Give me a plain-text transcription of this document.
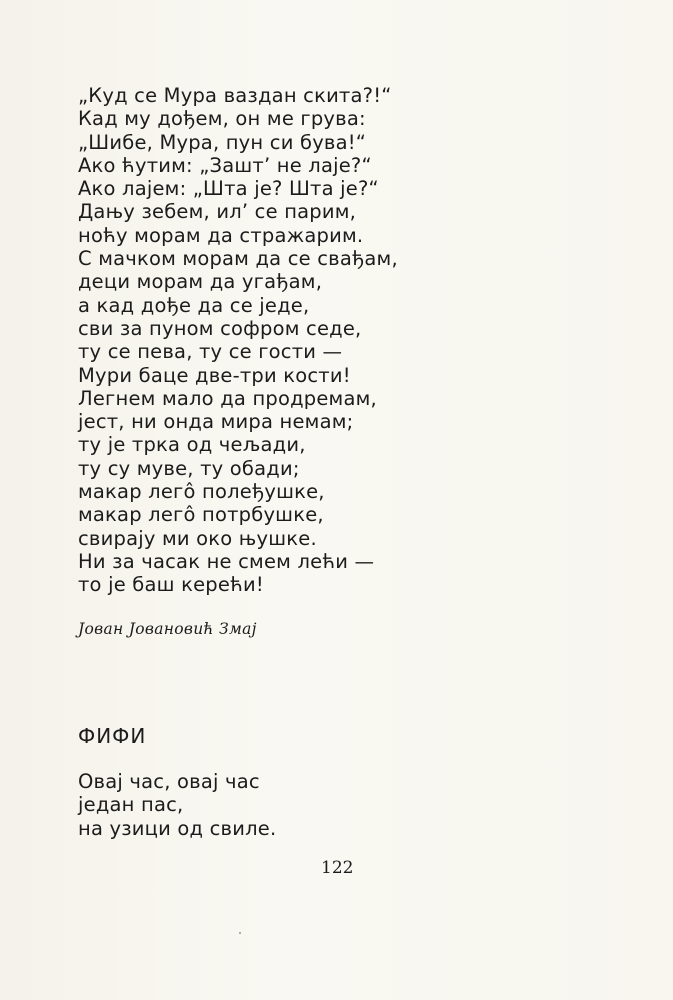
„Куд се Мура ваздан скита?!“
Кад му дођем, он ме грува:
„Шибе, Мура, пун си бува!“
Ако ћутим: „Зашт’ не лаје?“
Ако лајем: „Шта је? Шта је?“
Дању зебем, ил’ се парим,
ноћу морам да стражарим.
С мачком морам да се свађам,
деци морам да угађам,
а кад дође да се једе,
сви за пуном софром седе,
ту се пева, ту се гости —
Мури баце две-три кости!
Легнем мало да продремам,
јест, ни онда мира немам;
ту је трка од чељади,
ту су муве, ту обади;
макар легô полеђушке,
макар легô потрбушке,
свирају ми око њушке.
Ни за часак не смем лећи —
то је баш керећи!
Јован Јовановић Змај
ФИФИ
Овај час, овај час
један пас,
на узици од свиле.
122
